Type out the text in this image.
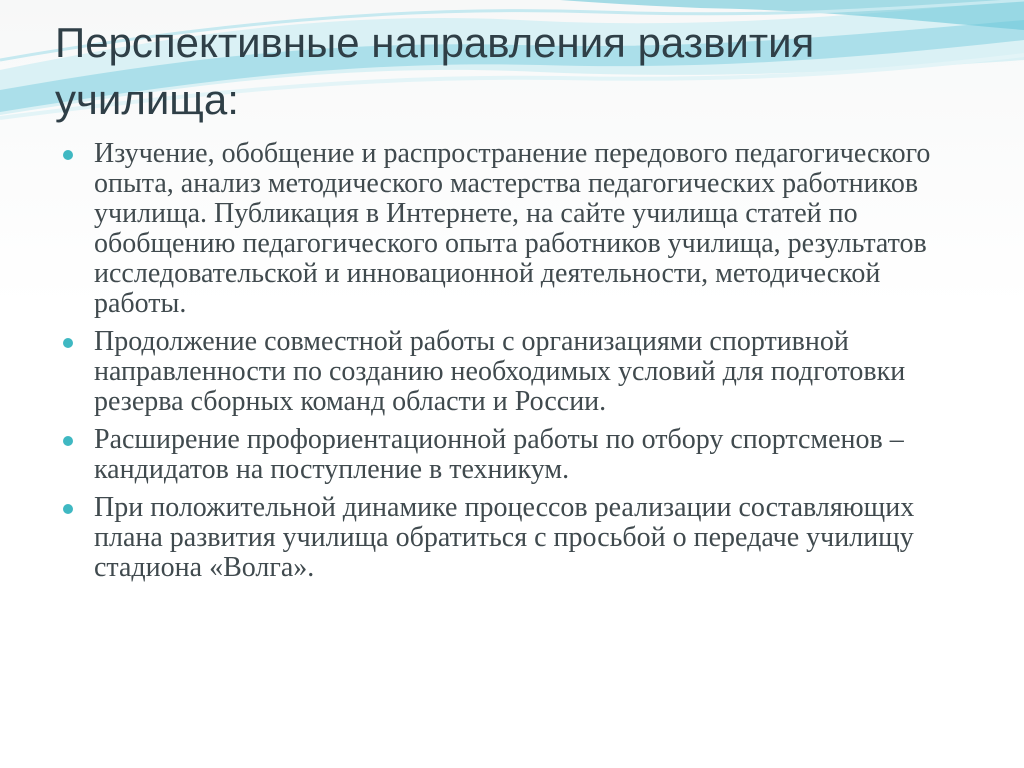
Перспективные направления развития училища:
Изучение, обобщение и распространение передового педагогического опыта, анализ методического мастерства педагогических работников училища. Публикация в Интернете, на сайте училища статей по обобщению педагогического опыта работников училища, результатов исследовательской и инновационной деятельности, методической работы.
Продолжение совместной работы с организациями спортивной направленности по созданию необходимых условий для подготовки резерва сборных команд области и России.
Расширение профориентационной работы по отбору спортсменов –кандидатов на поступление в техникум.
При положительной динамике процессов реализации составляющих плана развития училища обратиться с просьбой о передаче училищу стадиона «Волга».
